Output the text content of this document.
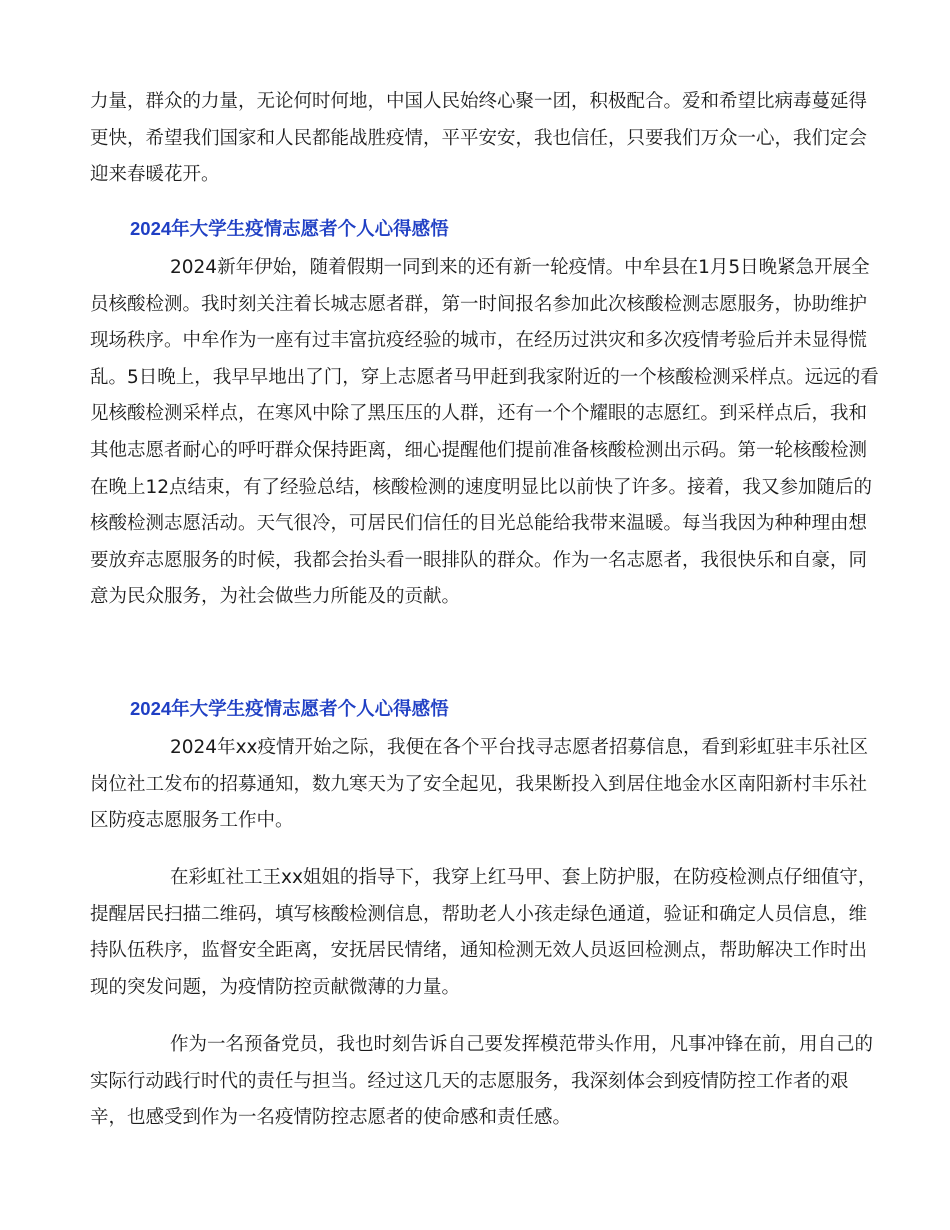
力量，群众的力量，无论何时何地，中国人民始终心聚一团，积极配合。爱和希望比病毒蔓延得更快，希望我们国家和人民都能战胜疫情，平平安安，我也信任，只要我们万众一心，我们定会迎来春暖花开。

2024年大学生疫情志愿者个人心得感悟

2024新年伊始，随着假期一同到来的还有新一轮疫情。中牟县在1月5日晚紧急开展全员核酸检测。我时刻关注着长城志愿者群，第一时间报名参加此次核酸检测志愿服务，协助维护现场秩序。中牟作为一座有过丰富抗疫经验的城市，在经历过洪灾和多次疫情考验后并未显得慌乱。5日晚上，我早早地出了门，穿上志愿者马甲赶到我家附近的一个核酸检测采样点。远远的看见核酸检测采样点，在寒风中除了黑压压的人群，还有一个个耀眼的志愿红。到采样点后，我和其他志愿者耐心的呼吁群众保持距离，细心提醒他们提前准备核酸检测出示码。第一轮核酸检测在晚上12点结束，有了经验总结，核酸检测的速度明显比以前快了许多。接着，我又参加随后的核酸检测志愿活动。天气很冷，可居民们信任的目光总能给我带来温暖。每当我因为种种理由想要放弃志愿服务的时候，我都会抬头看一眼排队的群众。作为一名志愿者，我很快乐和自豪，同意为民众服务，为社会做些力所能及的贡献。

2024年大学生疫情志愿者个人心得感悟

2024年xx疫情开始之际，我便在各个平台找寻志愿者招募信息，看到彩虹驻丰乐社区岗位社工发布的招募通知，数九寒天为了安全起见，我果断投入到居住地金水区南阳新村丰乐社区防疫志愿服务工作中。

在彩虹社工王xx姐姐的指导下，我穿上红马甲、套上防护服，在防疫检测点仔细值守，提醒居民扫描二维码，填写核酸检测信息，帮助老人小孩走绿色通道，验证和确定人员信息，维持队伍秩序，监督安全距离，安抚居民情绪，通知检测无效人员返回检测点，帮助解决工作时出现的突发问题，为疫情防控贡献微薄的力量。

作为一名预备党员，我也时刻告诉自己要发挥模范带头作用，凡事冲锋在前，用自己的实际行动践行时代的责任与担当。经过这几天的志愿服务，我深刻体会到疫情防控工作者的艰辛，也感受到作为一名疫情防控志愿者的使命感和责任感。
